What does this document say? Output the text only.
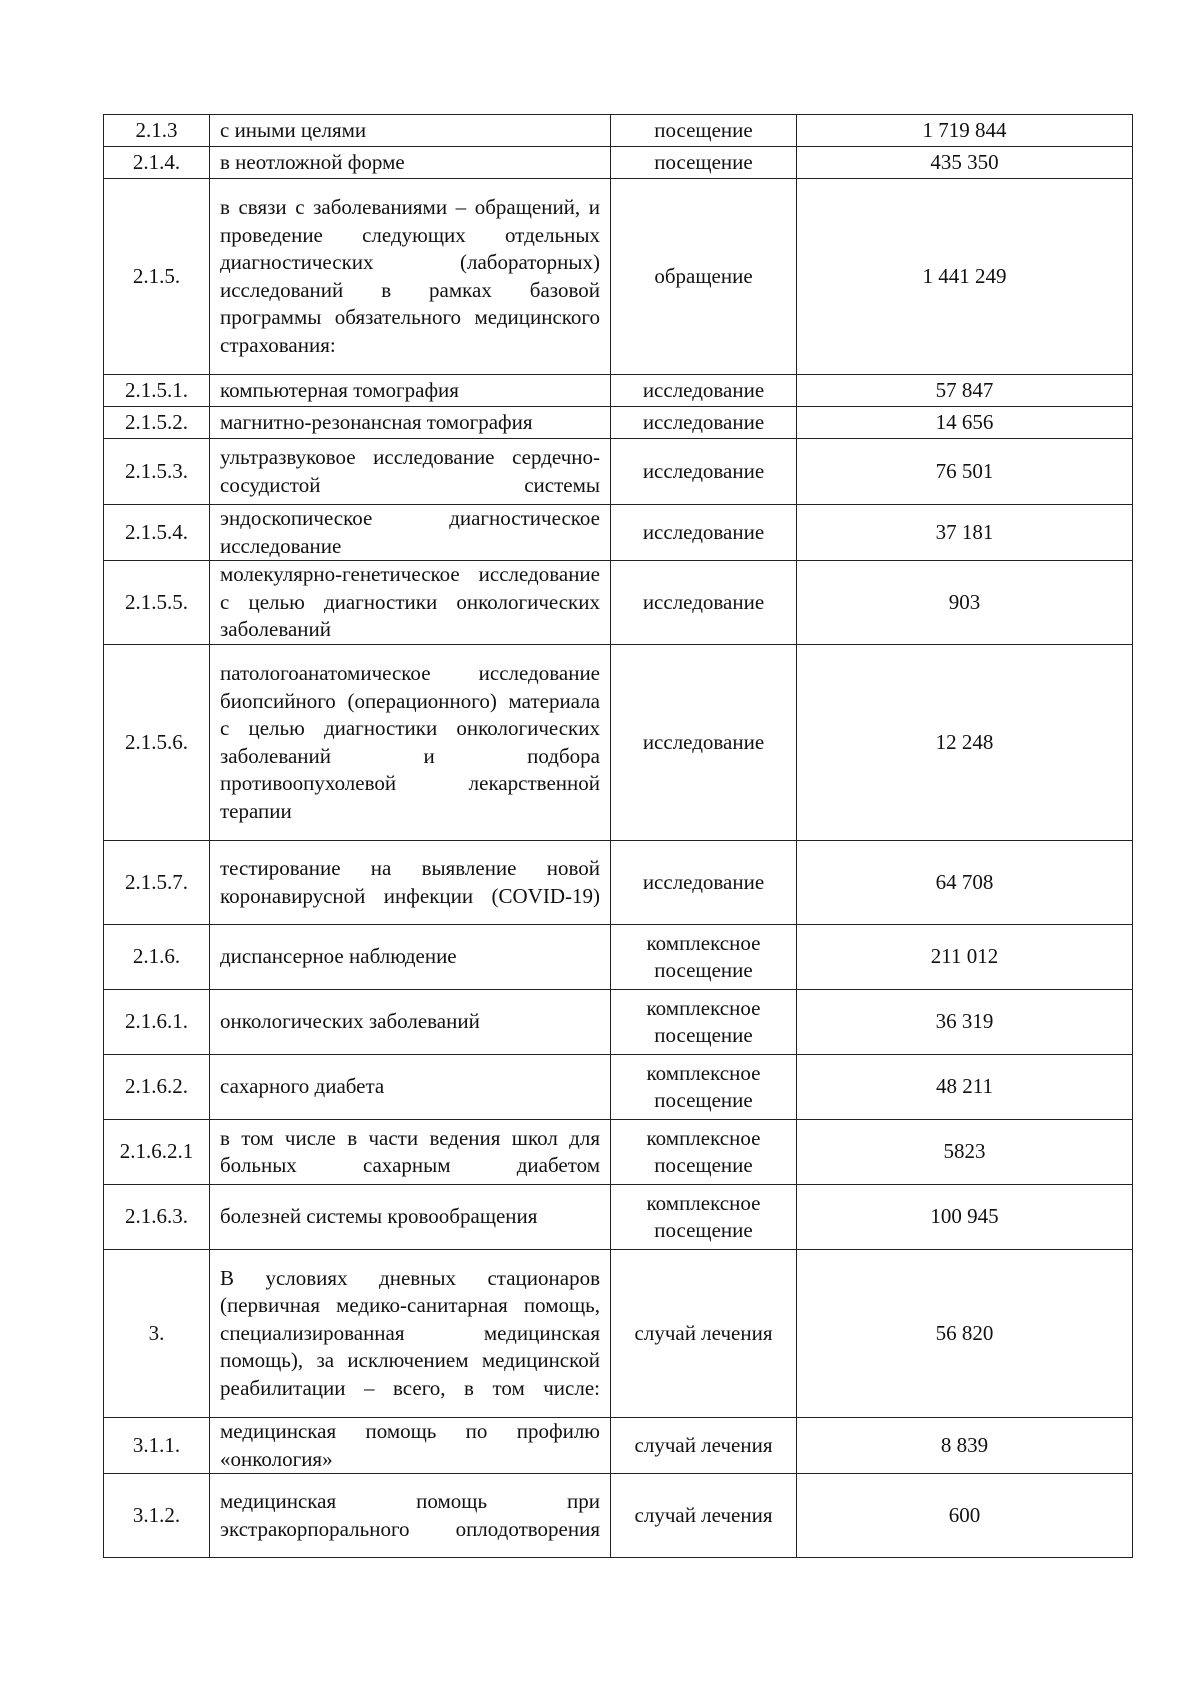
2.1.3	с иными целями	посещение	1 719 844
2.1.4.	в неотложной форме	посещение	435 350
2.1.5.	в связи с заболеваниями – обращений, и проведение следующих отдельных диагностических (лабораторных) исследований в рамках базовой программы обязательного медицинского страхования:	обращение	1 441 249
2.1.5.1.	компьютерная томография	исследование	57 847
2.1.5.2.	магнитно-резонансная томография	исследование	14 656
2.1.5.3.	ультразвуковое исследование сердечно-сосудистой системы	исследование	76 501
2.1.5.4.	эндоскопическое диагностическое исследование	исследование	37 181
2.1.5.5.	молекулярно-генетическое исследование с целью диагностики онкологических заболеваний	исследование	903
2.1.5.6.	патологоанатомическое исследование биопсийного (операционного) материала с целью диагностики онкологических заболеваний и подбора противоопухолевой лекарственной терапии	исследование	12 248
2.1.5.7.	тестирование на выявление новой коронавирусной инфекции (COVID-19)	исследование	64 708
2.1.6.	диспансерное наблюдение	комплексное посещение	211 012
2.1.6.1.	онкологических заболеваний	комплексное посещение	36 319
2.1.6.2.	сахарного диабета	комплексное посещение	48 211
2.1.6.2.1	в том числе в части ведения школ для больных сахарным диабетом	комплексное посещение	5823
2.1.6.3.	болезней системы кровообращения	комплексное посещение	100 945
3.	В условиях дневных стационаров (первичная медико-санитарная помощь, специализированная медицинская помощь), за исключением медицинской реабилитации – всего, в том числе:	случай лечения	56 820
3.1.1.	медицинская помощь по профилю «онкология»	случай лечения	8 839
3.1.2.	медицинская помощь при экстракорпорального оплодотворения	случай лечения	600
